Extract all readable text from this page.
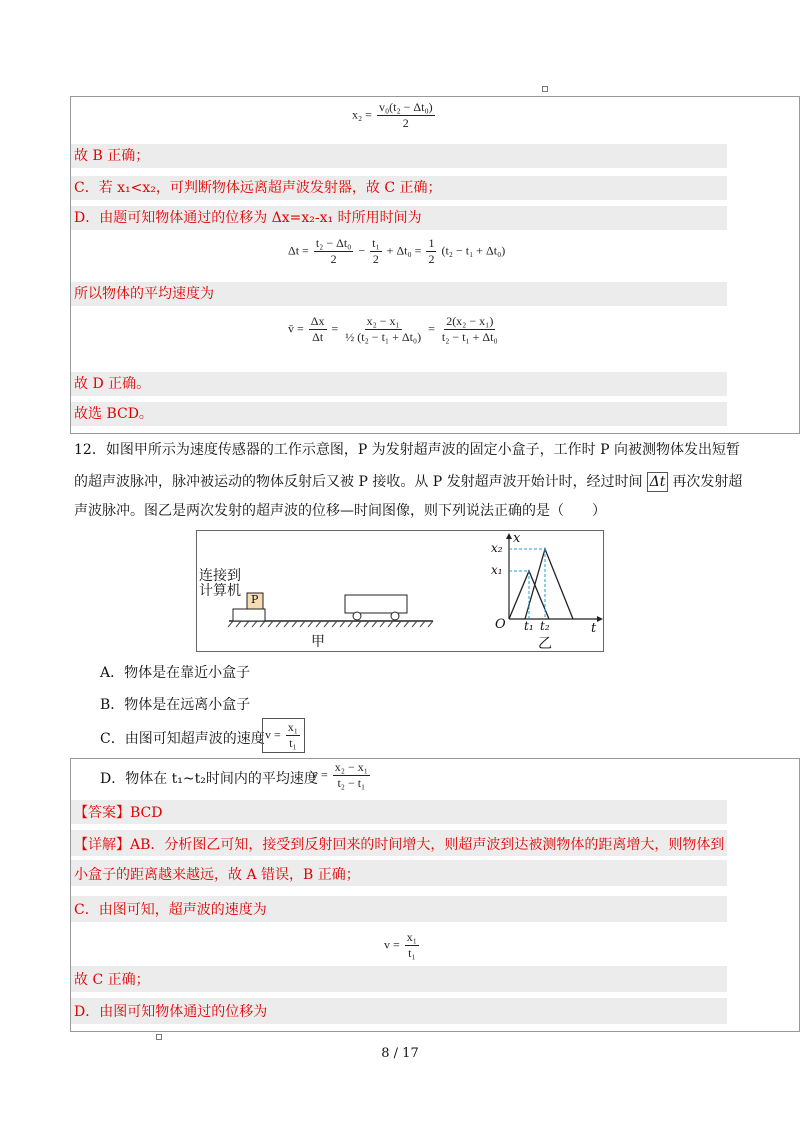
$x_2 = \frac{\text{v₀(t₂ − Δt₀)}}{2}$
故 B 正确；
C．若 x₁<x₂，可判断物体远离超声波发射器，故 C 正确；
D．由题可知物体通过的位移为 Δx=x₂-x₁ 时所用时间为
$\Delta t = \frac{\text{t₂ − Δt₀}}{2} - \frac{\text{t₁}}{2} + \Delta t_0 = \frac{1}{2} (t_2 - t_1 + \Delta t_0)$
所以物体的平均速度为
v̄ = $\frac{\Delta x}{\Delta t} = \frac{\text{x₂ − x₁}}{\text{½ (t₂ − t₁ + Δt₀)}} = \frac{\text{2(x₂ − x₁)}}{\text{t₂ − t₁ + Δt₀}}$
故 D 正确。
故选 BCD。
12．如图甲所示为速度传感器的工作示意图，P 为发射超声波的固定小盒子，工作时 P 向被测物体发出短暂
的超声波脉冲，脉冲被运动的物体反射后又被 P 接收。从 P 发射超声波开始计时，经过时间 Δt 再次发射超
声波脉冲。图乙是两次发射的超声波的位移—时间图像，则下列说法正确的是（　　）
连接到
计算机
P
甲
x
t
x₂
x₁
O t₁ t₂
乙
A．物体是在靠近小盒子
B．物体是在远离小盒子
C．由图可知超声波的速度 $v = \frac{\text{x₁}}{\text{t₁}}$
D．物体在 t₁~t₂时间内的平均速度
$v = \frac{\text{x₂ − x₁}}{\text{t₂ − t₁}}$
【答案】BCD
【详解】AB．分析图乙可知，接受到反射回来的时间增大，则超声波到达被测物体的距离增大，则物体到
小盒子的距离越来越远，故 A 错误，B 正确；
C．由图可知，超声波的速度为
$v = \frac{\text{x₁}}{\text{t₁}}$
故 C 正确；
D．由图可知物体通过的位移为
8 / 17
